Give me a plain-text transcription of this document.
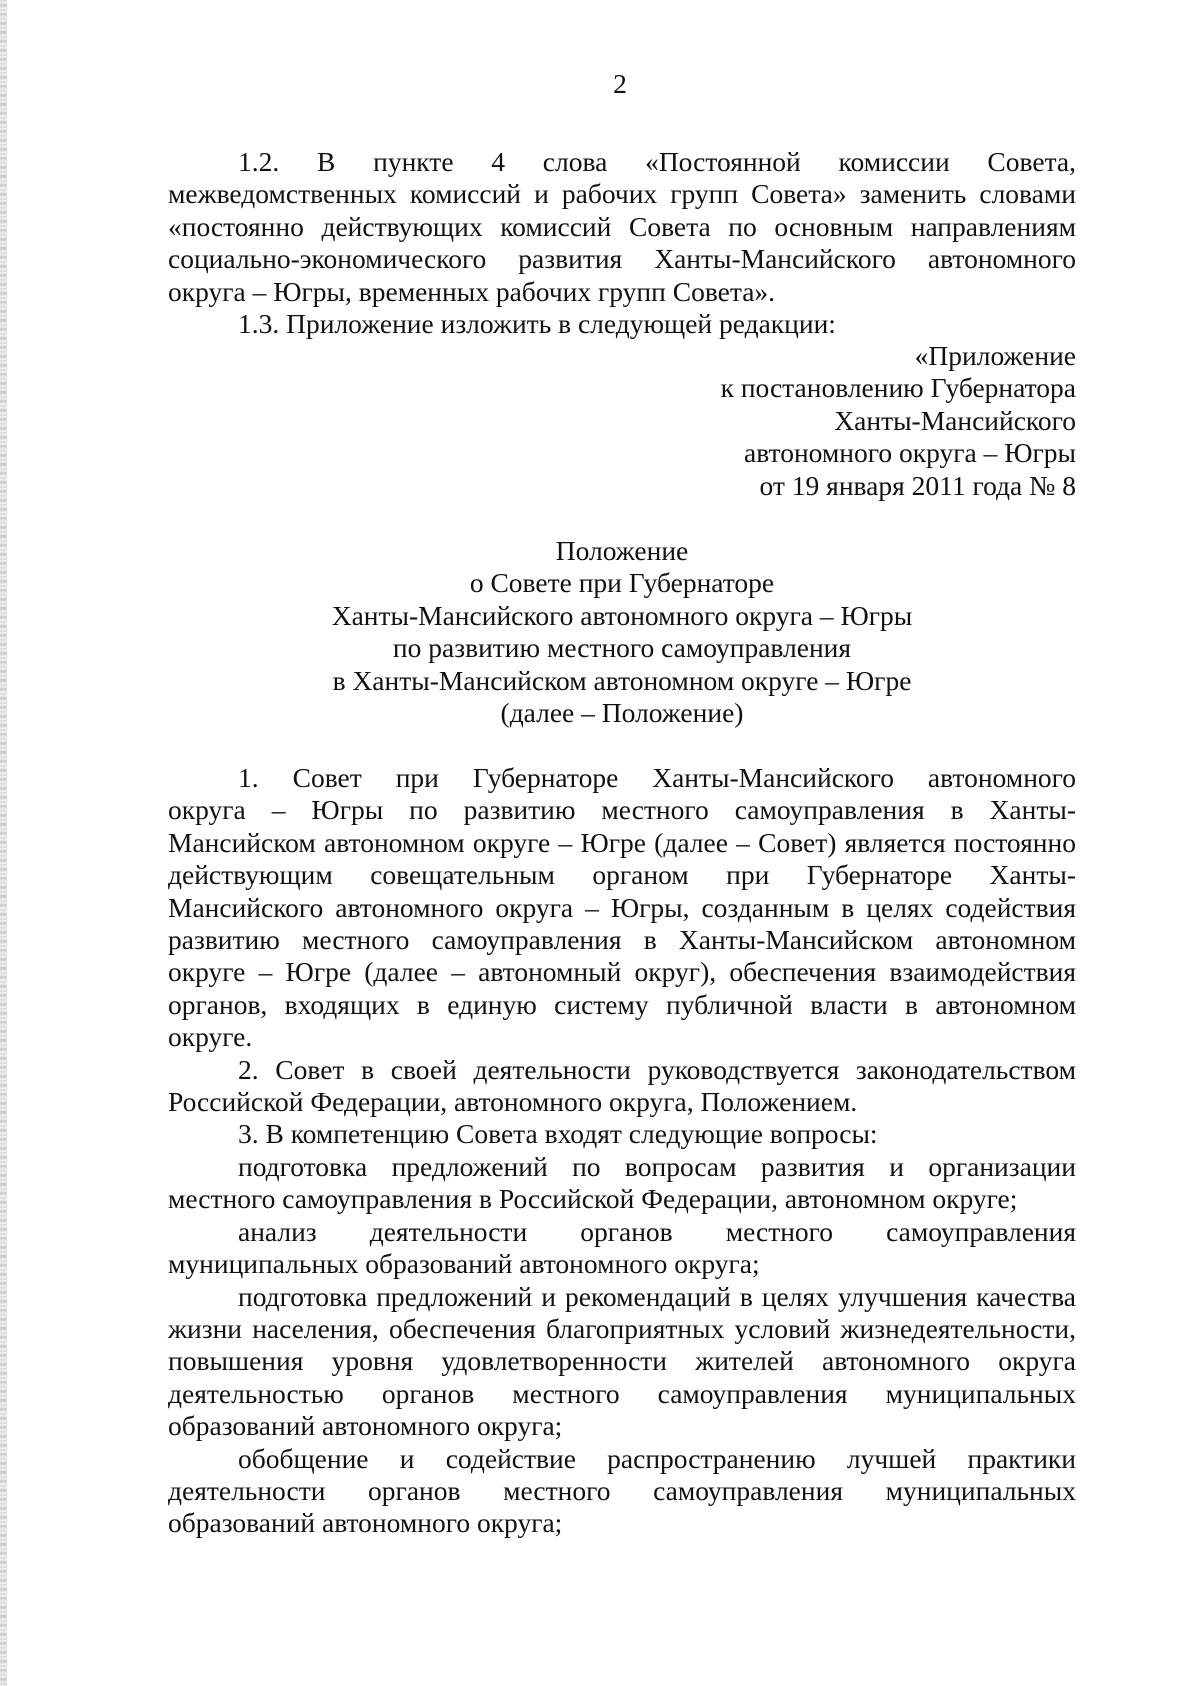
2
1.2. В пункте 4 слова «Постоянной комиссии Совета,
межведомственных комиссий и рабочих групп Совета» заменить словами
«постоянно действующих комиссий Совета по основным направлениям
социально-экономического развития Ханты-Мансийского автономного
округа – Югры, временных рабочих групп Совета».
1.3. Приложение изложить в следующей редакции:
«Приложение
к постановлению Губернатора
Ханты-Мансийского
автономного округа – Югры
от 19 января 2011 года № 8
Положение
о Совете при Губернаторе
Ханты-Мансийского автономного округа – Югры
по развитию местного самоуправления
в Ханты-Мансийском автономном округе – Югре
(далее – Положение)
1. Совет при Губернаторе Ханты-Мансийского автономного
округа – Югры по развитию местного самоуправления в Ханты-
Мансийском автономном округе – Югре (далее – Совет) является постоянно
действующим совещательным органом при Губернаторе Ханты-
Мансийского автономного округа – Югры, созданным в целях содействия
развитию местного самоуправления в Ханты-Мансийском автономном
округе – Югре (далее – автономный округ), обеспечения взаимодействия
органов, входящих в единую систему публичной власти в автономном
округе.
2. Совет в своей деятельности руководствуется законодательством
Российской Федерации, автономного округа, Положением.
3. В компетенцию Совета входят следующие вопросы:
подготовка предложений по вопросам развития и организации
местного самоуправления в Российской Федерации, автономном округе;
анализ деятельности органов местного самоуправления
муниципальных образований автономного округа;
подготовка предложений и рекомендаций в целях улучшения качества
жизни населения, обеспечения благоприятных условий жизнедеятельности,
повышения уровня удовлетворенности жителей автономного округа
деятельностью органов местного самоуправления муниципальных
образований автономного округа;
обобщение и содействие распространению лучшей практики
деятельности органов местного самоуправления муниципальных
образований автономного округа;
